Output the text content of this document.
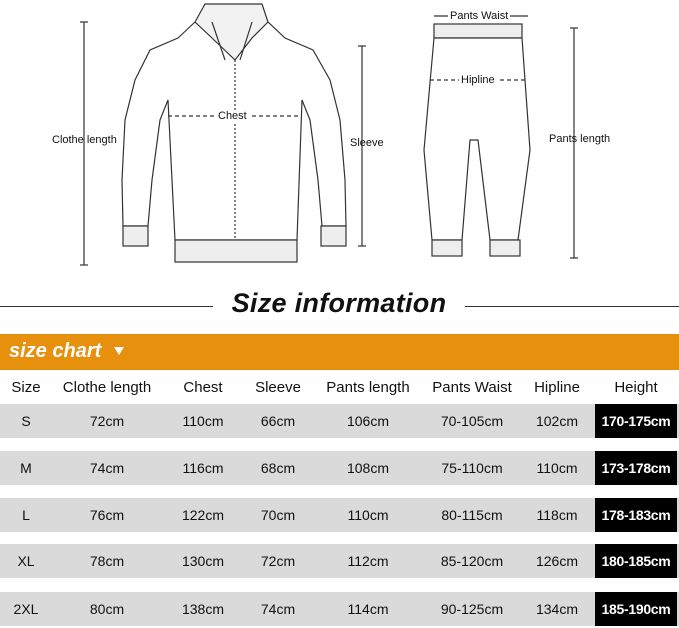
Clothe length
Chest
Sleeve
Pants Waist
Hipline
Pants length
Size information
size chart
Size	Clothe length	Chest	Sleeve	Pants length	Pants Waist	Hipline	Height
S	72cm	110cm	66cm	106cm	70-105cm	102cm	170-175cm
M	74cm	116cm	68cm	108cm	75-110cm	110cm	173-178cm
L	76cm	122cm	70cm	110cm	80-115cm	118cm	178-183cm
XL	78cm	130cm	72cm	112cm	85-120cm	126cm	180-185cm
2XL	80cm	138cm	74cm	114cm	90-125cm	134cm	185-190cm
